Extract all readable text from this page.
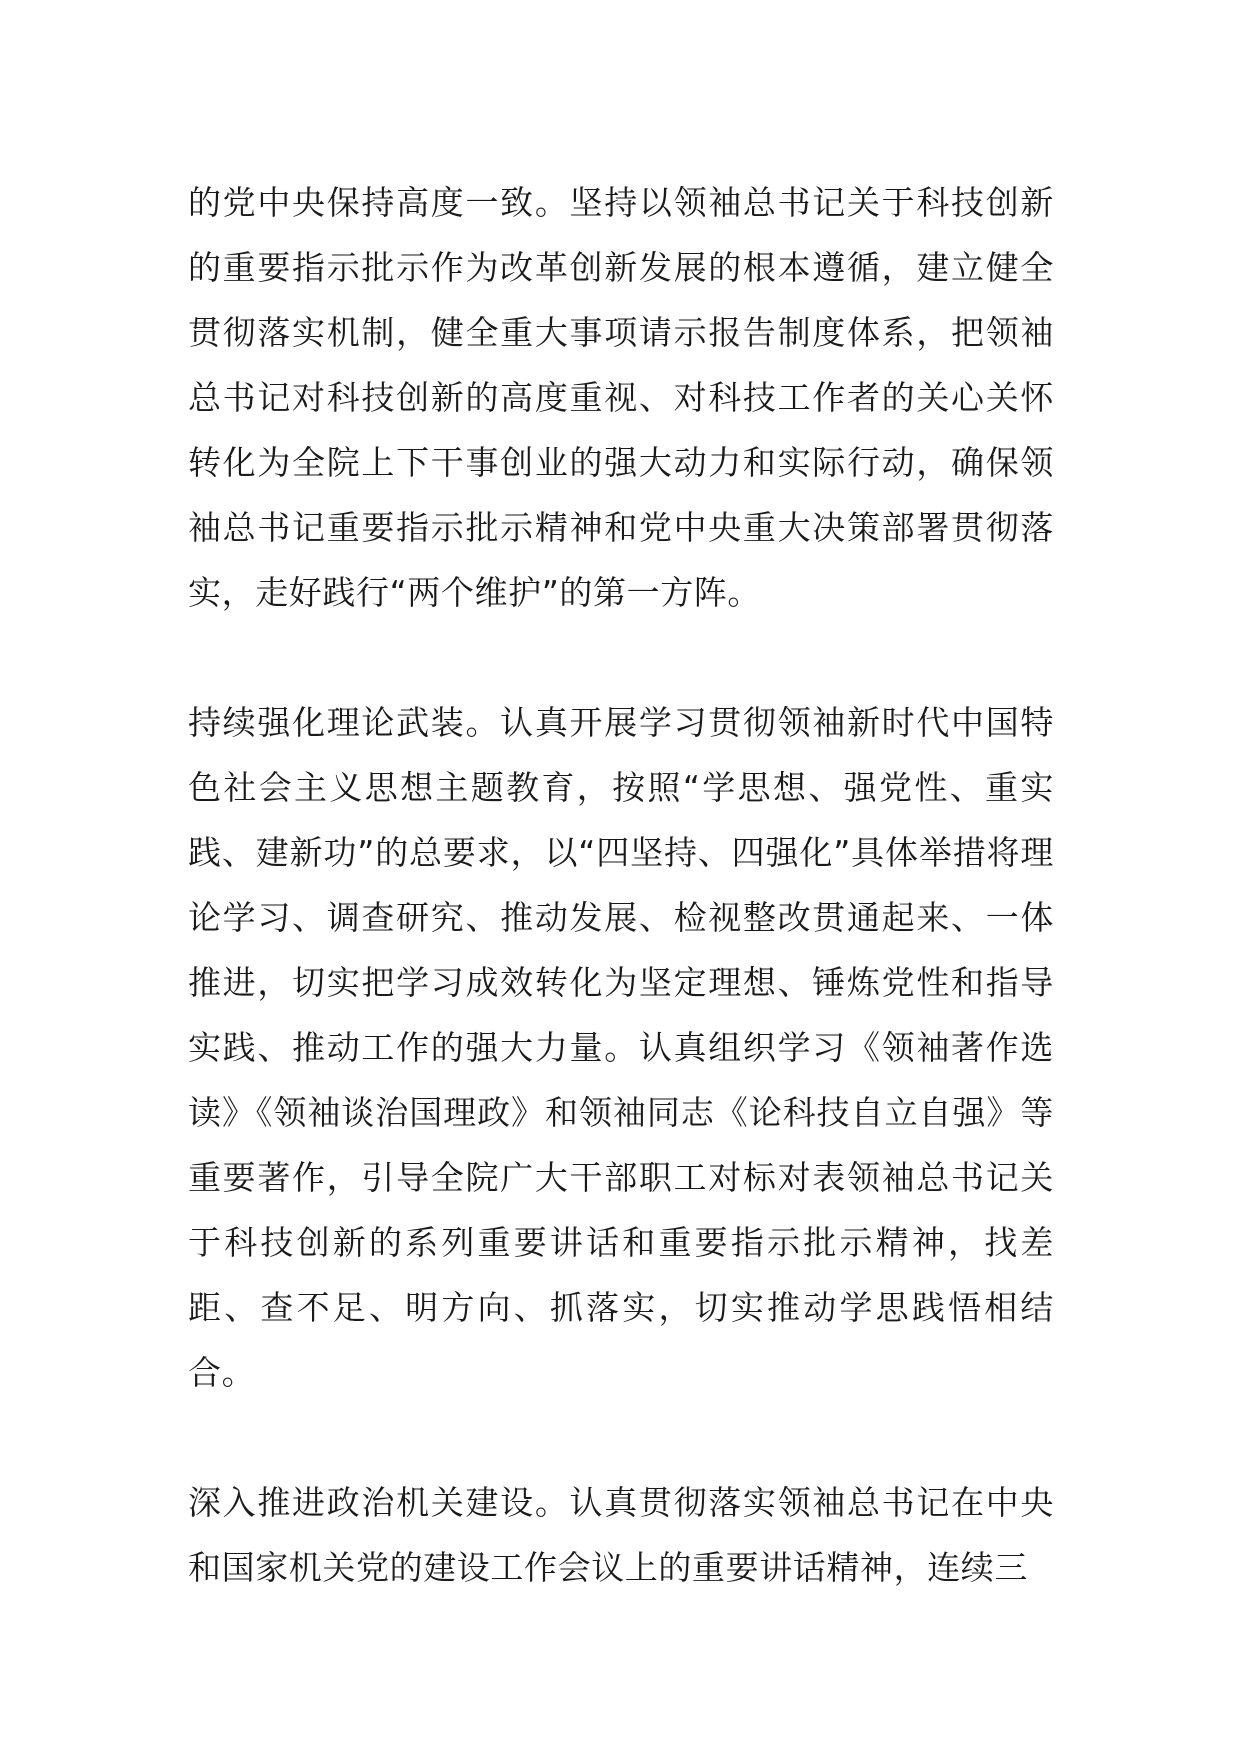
的党中央保持高度一致。坚持以领袖总书记关于科技创新的重要指示批示作为改革创新发展的根本遵循，建立健全贯彻落实机制，健全重大事项请示报告制度体系，把领袖总书记对科技创新的高度重视、对科技工作者的关心关怀转化为全院上下干事创业的强大动力和实际行动，确保领袖总书记重要指示批示精神和党中央重大决策部署贯彻落实，走好践行“两个维护”的第一方阵。

持续强化理论武装。认真开展学习贯彻领袖新时代中国特色社会主义思想主题教育，按照“学思想、强党性、重实践、建新功”的总要求，以“四坚持、四强化”具体举措将理论学习、调查研究、推动发展、检视整改贯通起来、一体推进，切实把学习成效转化为坚定理想、锤炼党性和指导实践、推动工作的强大力量。认真组织学习《领袖著作选读》《领袖谈治国理政》和领袖同志《论科技自立自强》等重要著作，引导全院广大干部职工对标对表领袖总书记关于科技创新的系列重要讲话和重要指示批示精神，找差距、查不足、明方向、抓落实，切实推动学思践悟相结合。

深入推进政治机关建设。认真贯彻落实领袖总书记在中央和国家机关党的建设工作会议上的重要讲话精神，连续三
